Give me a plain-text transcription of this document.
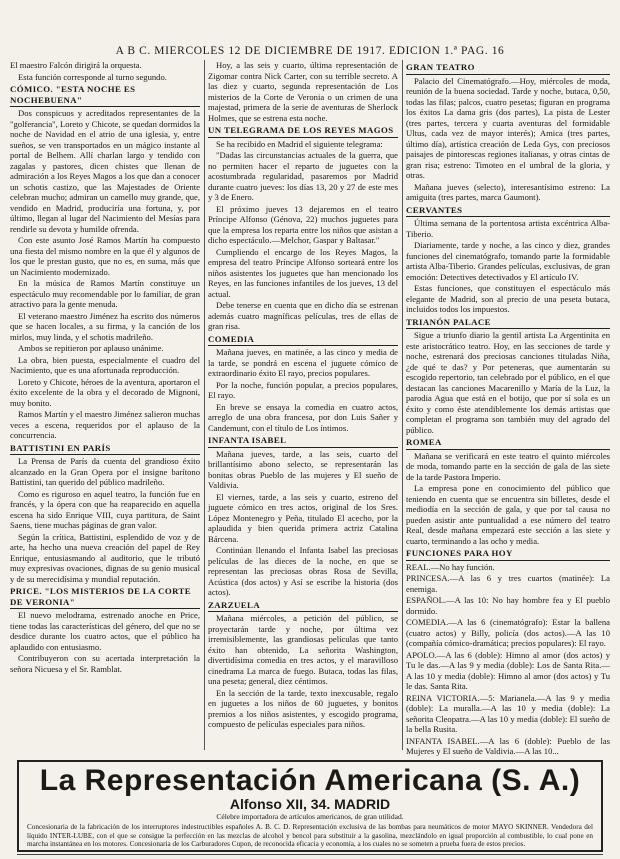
A B C. MIERCOLES 12 DE DICIEMBRE DE 1917. EDICION 1.ª PAG. 16

El maestro Falcón dirigirá la orquesta.

Esta función corresponde al turno segundo.

CÓMICO. "ESTA NOCHE ES NOCHEBUENA"

Dos conspicuos y acreditados representantes de la "golferancia", Loreto y Chicote, se quedan dormidos la noche de Navidad en el atrio de una iglesia, y, entre sueños, se ven transportados en un mágico instante al portal de Belhem. Allí charlan largo y tendido con zagalas y pastores, dicen chistes que llenan de admiración a los Reyes Magos a los que dan a conocer un schotis castizo, que las Majestades de Oriente celebran mucho; admiran un camello muy grande, que, vendido en Madrid, produciría una fortuna, y, por último, llegan al lugar del Nacimiento del Mesías para rendirle su devota y humilde ofrenda.

Con este asunto José Ramos Martín ha compuesto una fiesta del mismo nombre en la que él y algunos de los que le prestan gusto, que no es, en suma, más que un Nacimiento modernizado.

En la música de Ramos Martín constituye un espectáculo muy recomendable por lo familiar, de gran atractivo para la gente menuda.

El veterano maestro Jiménez ha escrito dos números que se hacen locales, a su firma, y la canción de los mirlos, muy linda, y el schotis madrileño.

Ambos se repitieron por aplauso unánime.

La obra, bien puesta, especialmente el cuadro del Nacimiento, que es una afortunada reproducción.

Loreto y Chicote, héroes de la aventura, aportaron el éxito excelente de la obra y el decorado de Mignoni, muy bonito.

Ramos Martín y el maestro Jiménez salieron muchas veces a escena, requeridos por el aplauso de la concurrencia.

BATTISTINI EN PARÍS

La Prensa de París da cuenta del grandioso éxito alcanzado en la Gran Opera por el insigne barítono Battistini, tan querido del público madrileño.

Como es riguroso en aquel teatro, la función fue en francés, y la ópera con que ha reaparecido en aquella escena ha sido Enrique VIII, cuya partitura, de Saint Saens, tiene muchas páginas de gran valor.

Según la crítica, Battistini, esplendido de voz y de arte, ha hecho una nueva creación del papel de Rey Enrique, entusiasmando al auditorio, que le tributó muy expresivas ovaciones, dignas de su genio musical y de su merecidísima y mundial reputación.

PRICE. "LOS MISTERIOS DE LA CORTE DE VERONIA"

El nuevo melodrama, estrenado anoche en Price, tiene todas las características del género, del que no se desdice durante los cuatro actos, que el público ha aplaudido con entusiasmo.

Contribuyeron con su acertada interpretación la señora Nicuesa y el Sr. Ramblat.

Hoy, a las seis y cuarto, última representación de Zigomar contra Nick Carter, con su terrible secreto. A las diez y cuarto, segunda representación de Los misterios de la Corte de Veronia o un crimen de una majestad, primera de la serie de aventuras de Sherlock Holmes, que se estrena esta noche.

UN TELEGRAMA DE LOS REYES MAGOS

Se ha recibido en Madrid el siguiente telegrama:

"Dadas las circunstancias actuales de la guerra, que no permiten hacer el reparto de juguetes con la acostumbrada regularidad, pasaremos por Madrid durante cuatro jueves: los días 13, 20 y 27 de este mes y 3 de Enero.

El próximo jueves 13 dejaremos en el teatro Príncipe Alfonso (Génova, 22) muchos juguetes para que la empresa los reparta entre los niños que asistan a dicho espectáculo.—Melchor, Gaspar y Baltasar."

Cumpliendo el encargo de los Reyes Magos, la empresa del teatro Príncipe Alfonso sorteará entre los niños asistentes los juguetes que han mencionado los Reyes, en las funciones infantiles de los jueves, 13 del actual.

Debe tenerse en cuenta que en dicho día se estrenan además cuatro magníficas películas, tres de ellas de gran risa.

COMEDIA

Mañana jueves, en matinée, a las cinco y media de la tarde, se pondrá en escena el juguete cómico de extraordinario éxito El rayo, precios populares.

Por la noche, función popular, a precios populares, El rayo.

En breve se ensaya la comedia en cuatro actos, arreglo de una obra francesa, por don Luis Sañer y Candemunt, con el título de Los íntimos.

INFANTA ISABEL

Mañana jueves, tarde, a las seis, cuarto del brillantísimo abono selecto, se representarán las bonitas obras Pueblo de las mujeres y El sueño de Valdivia.

El viernes, tarde, a las seis y cuarto, estreno del juguete cómico en tres actos, original de los Sres. López Montenegro y Peña, titulado El acecho, por la aplaudida y bien querida primera actriz Catalina Bárcena.

Continúan llenando el Infanta Isabel las preciosas películas de las dieces de la noche, en que se representan las preciosas obras Rosa de Sevilla, Acústica (dos actos) y Así se escribe la historia (dos actos).

ZARZUELA

Mañana miércoles, a petición del público, se proyectarán tarde y noche, por última vez irremisiblemente, las grandiosas películas que tanto éxito han obtenido, La señorita Washington, divertidísima comedia en tres actos, y el maravilloso cinedrama La marca de fuego. Butaca, todas las filas, una peseta; general, diez céntimos.

En la sección de la tarde, texto inexcusable, regalo en juguetes a los niños de 60 juguetes, y bonitos premios a los niños asistentes, y escogido programa, compuesto de películas especiales para niños.

GRAN TEATRO

Palacio del Cinematógrafo.—Hoy, miércoles de moda, reunión de la buena sociedad. Tarde y noche, butaca, 0,50, todas las filas; palcos, cuatro pesetas; figuran en programa los éxitos La dama gris (dos partes), La pista de Lester (tres partes, tercera y cuarta aventuras del formidable Ultus, cada vez de mayor interés); Amica (tres partes, último día), artística creación de Leda Gys, con preciosos paisajes de pintorescas regiones italianas, y otras cintas de gran risa; estreno: Timoteo en el umbral de la gloria, y otras.

Mañana jueves (selecto), interesantísimo estreno: La amiguita (tres partes, marca Gaumont).

CERVANTES

Última semana de la portentosa artista excéntrica Alba-Tiberio.

Diariamente, tarde y noche, a las cinco y diez, grandes funciones del cinematógrafo, tomando parte la formidable artista Alba-Tiberio. Grandes películas, exclusivas, de gran emoción: Detectives detectivados y El artículo IV.

Estas funciones, que constituyen el espectáculo más elegante de Madrid, son al precio de una peseta butaca, incluidos todos los impuestos.

TRIANÓN PALACE

Sigue a triunfo diario la gentil artista La Argentinita en este aristocrático teatro. Hoy, en las secciones de tarde y noche, estrenará dos preciosas canciones tituladas Niña, ¿de qué te das? y Por peteneras, que aumentarán su escogido repertorio, tan celebrado por el público, en el que destacan las canciones Macarenillo y María de la Luz, la parodia Agua que está en el botijo, que por sí sola es un éxito y como éste atendiblemente los demás artistas que completan el programa son también muy del agrado del público.

ROMEA

Mañana se verificará en este teatro el quinto miércoles de moda, tomando parte en la sección de gala de las siete de la tarde Pastora Imperio.

La empresa pone en conocimiento del público que teniendo en cuenta que se encuentra sin billetes, desde el mediodía en la sección de gala, y que por tal causa no pueden asistir ante puntualidad a ese número del teatro Real, desde mañana empezará este sección a las siete y cuarto, terminando a las ocho y media.

FUNCIONES PARA HOY

REAL.—No hay función.

PRINCESA.—A las 6 y tres cuartos (matinée): La enemiga.

ESPAÑOL.—A las 10: No hay hombre fea y El pueblo dormido.

COMEDIA.—A las 6 (cinematógrafo): Estar la ballena (cuatro actos) y Billy, policía (dos actos).—A las 10 (compañía cómico-dramática; precios populares): El rayo.

APOLO.—A las 6 (doble): Himno al amor (dos actos) y Tu le das.—A las 9 y media (doble): Los de Santa Rita.—A las 10 y media (doble): Himno al amor (dos actos) y Tu le das. Santa Rita.

REINA VICTORIA.—5: Marianela.—A las 9 y media (doble): La muralla.—A las 10 y media (doble): La señorita Cleopatra.—A las 10 y media (doble): El sueño de la bella Rusita.

INFANTA ISABEL.—A las 6 (doble): Pueblo de las Mujeres y El sueño de Valdivia.—A las 10...

La Representación Americana (S. A.)
Alfonso XII, 34. MADRID
Célebre importadora de artículos americanos, de gran utilidad.
Concesionaria de la fabricación de los interruptores indestructibles españoles A. B. C. D. Representación exclusiva de las bombas para neumáticos de motor MAYO SKINNER. Vendedora del líquido INTER-LUBE, con el que se consigue la perfección en las mezclas de alcohol y bencol para substituir a la gasolina, mezclándolo en igual proporción al combustible, lo cual pone en marcha instantánea en los motores. Concesionaria de los Carburadores Cupon, de reconocida eficacia y economía, a los cuales no se someten a prueba fuera de estos precios.
